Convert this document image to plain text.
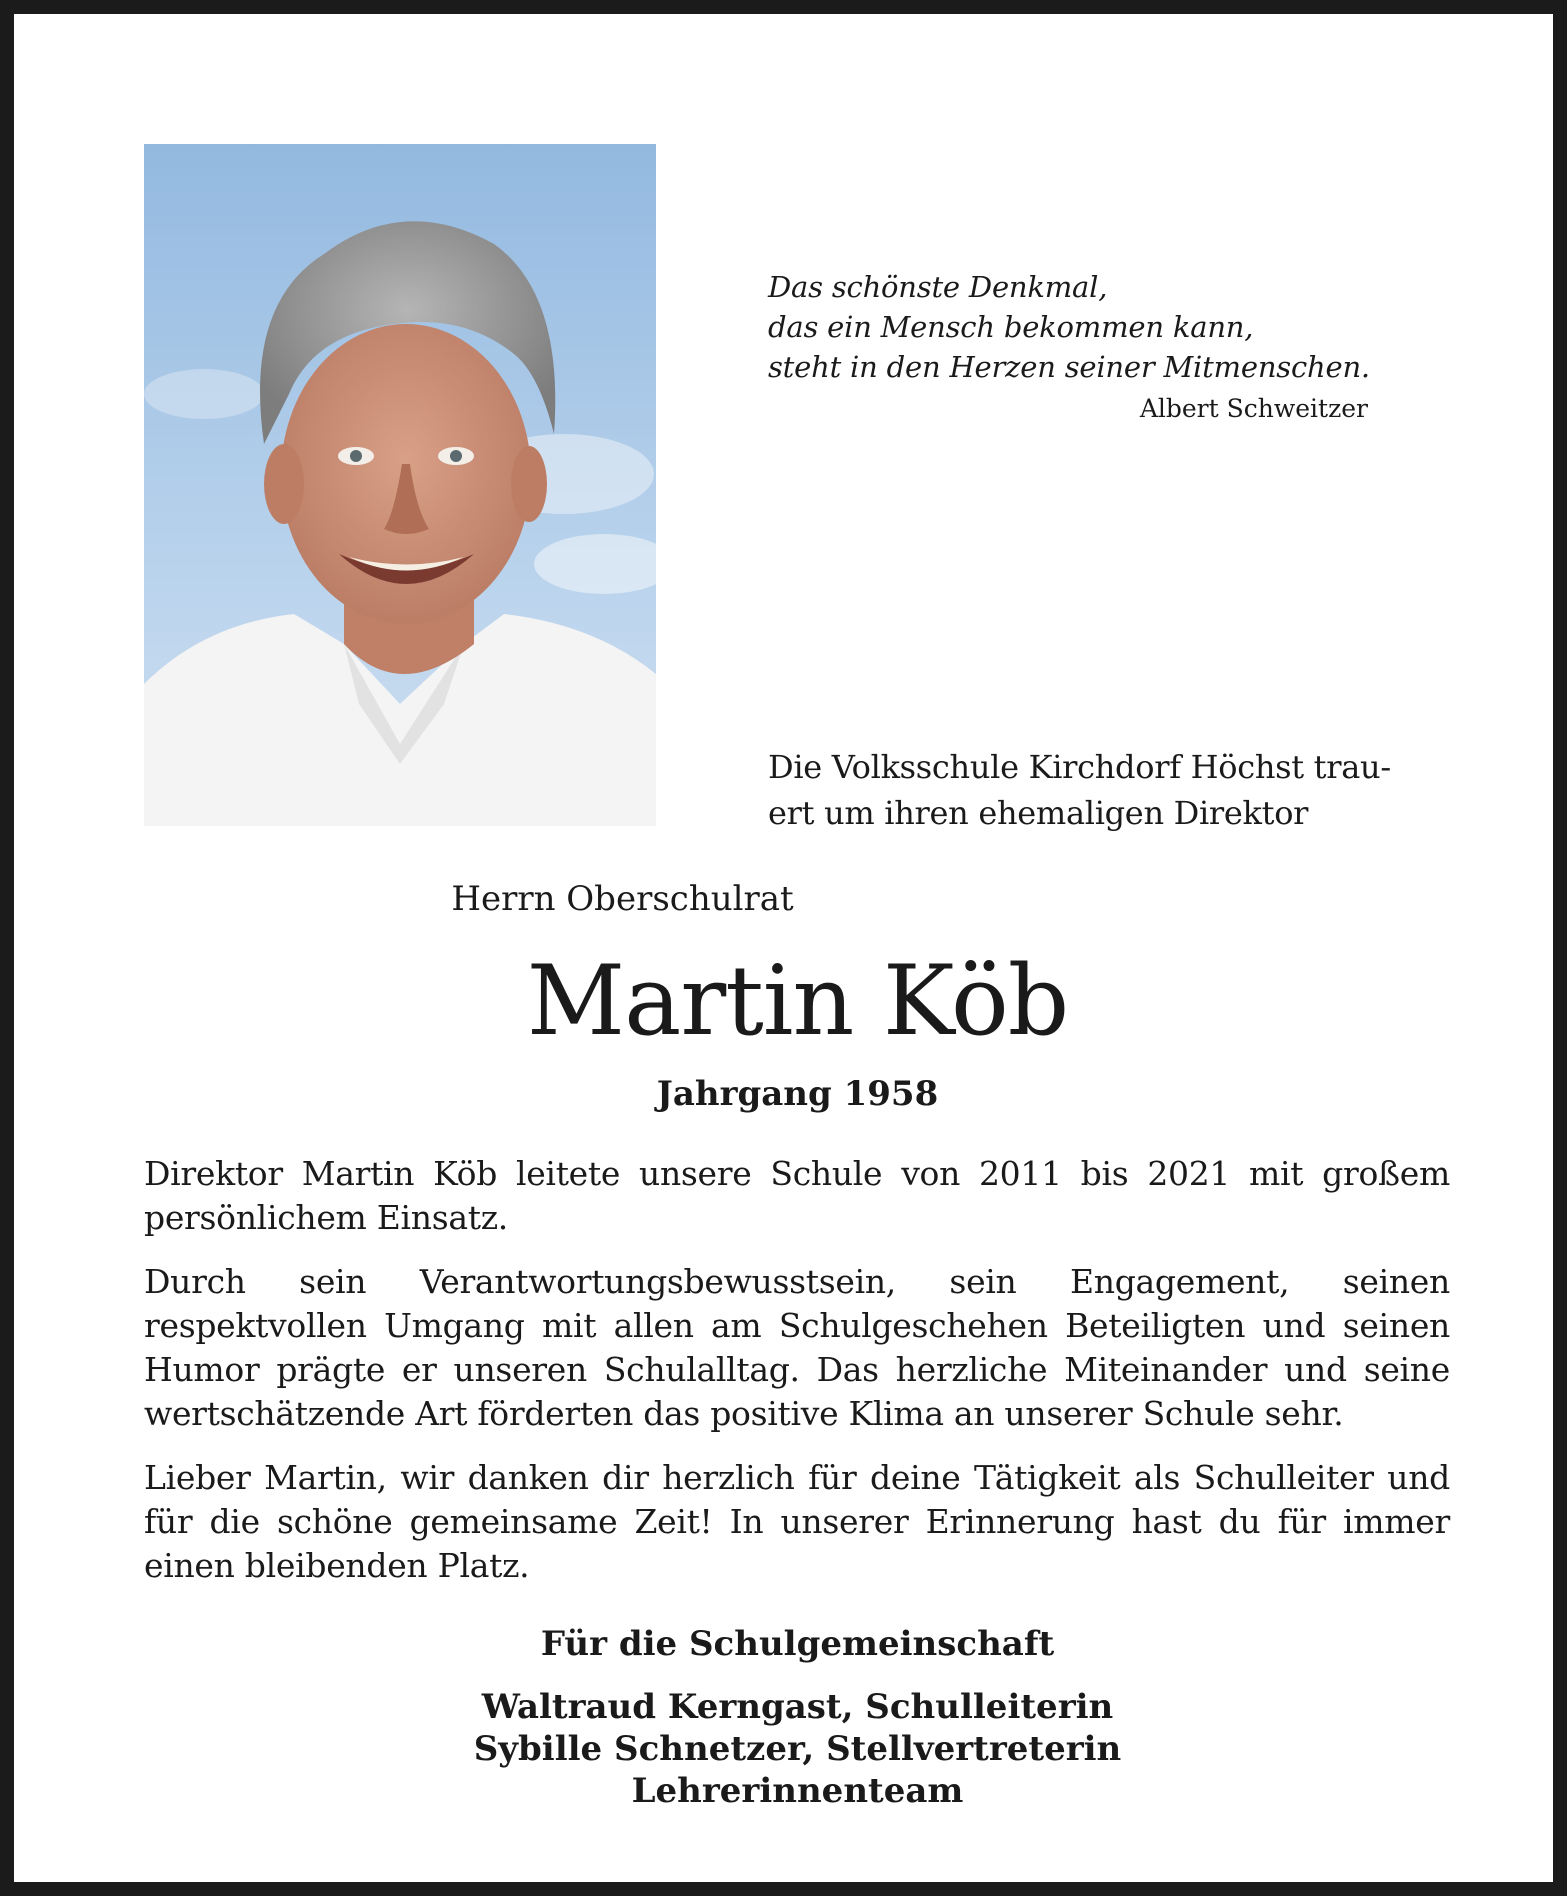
Das schönste Denkmal,
das ein Mensch bekommen kann,
steht in den Herzen seiner Mitmenschen.
Albert Schweitzer
Die Volksschule Kirchdorf Höchst trau-
ert um ihren ehemaligen Direktor
Herrn Oberschulrat
Martin Köb
Jahrgang 1958

Direktor Martin Köb leitete unsere Schule von 2011 bis 2021 mit großem persönlichem Einsatz.

Durch sein Verantwortungsbewusstsein, sein Engagement, seinen respektvollen Umgang mit allen am Schulgeschehen Beteiligten und seinen Humor prägte er unseren Schulalltag. Das herzliche Miteinander und seine wertschätzende Art förderten das positive Klima an unserer Schule sehr.

Lieber Martin, wir danken dir herzlich für deine Tätigkeit als Schulleiter und für die schöne gemeinsame Zeit! In unserer Erinnerung hast du für immer einen bleibenden Platz.

Für die Schulgemeinschaft
Waltraud Kerngast, Schulleiterin
Sybille Schnetzer, Stellvertreterin
Lehrerinnenteam
